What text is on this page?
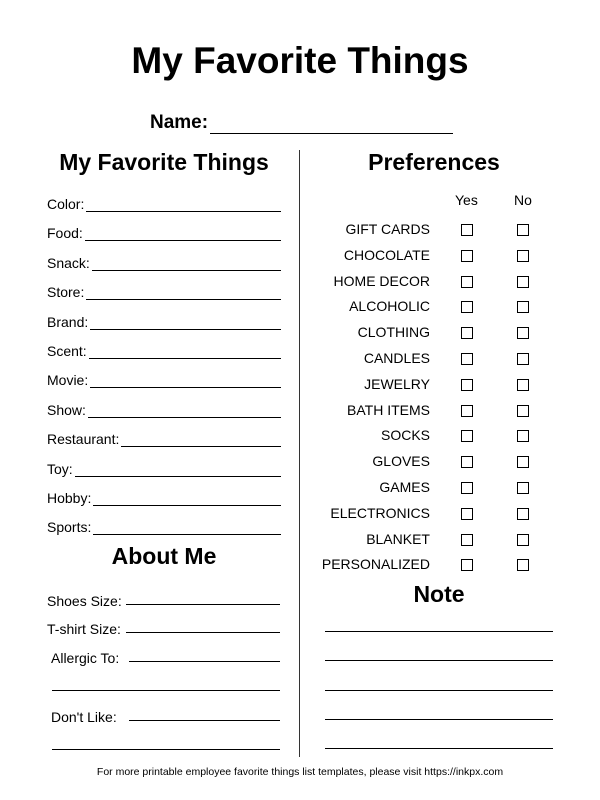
My Favorite Things
Name:
My Favorite Things
Color:
Food:
Snack:
Store:
Brand:
Scent:
Movie:
Show:
Restaurant:
Toy:
Hobby:
Sports:
About Me
Shoes Size:
T-shirt Size:
Allergic To:
Don't Like:
Preferences
Yes	No
GIFT CARDS
CHOCOLATE
HOME DECOR
ALCOHOLIC
CLOTHING
CANDLES
JEWELRY
BATH ITEMS
SOCKS
GLOVES
GAMES
ELECTRONICS
BLANKET
PERSONALIZED
Note
For more printable employee favorite things list templates, please visit https://inkpx.com
